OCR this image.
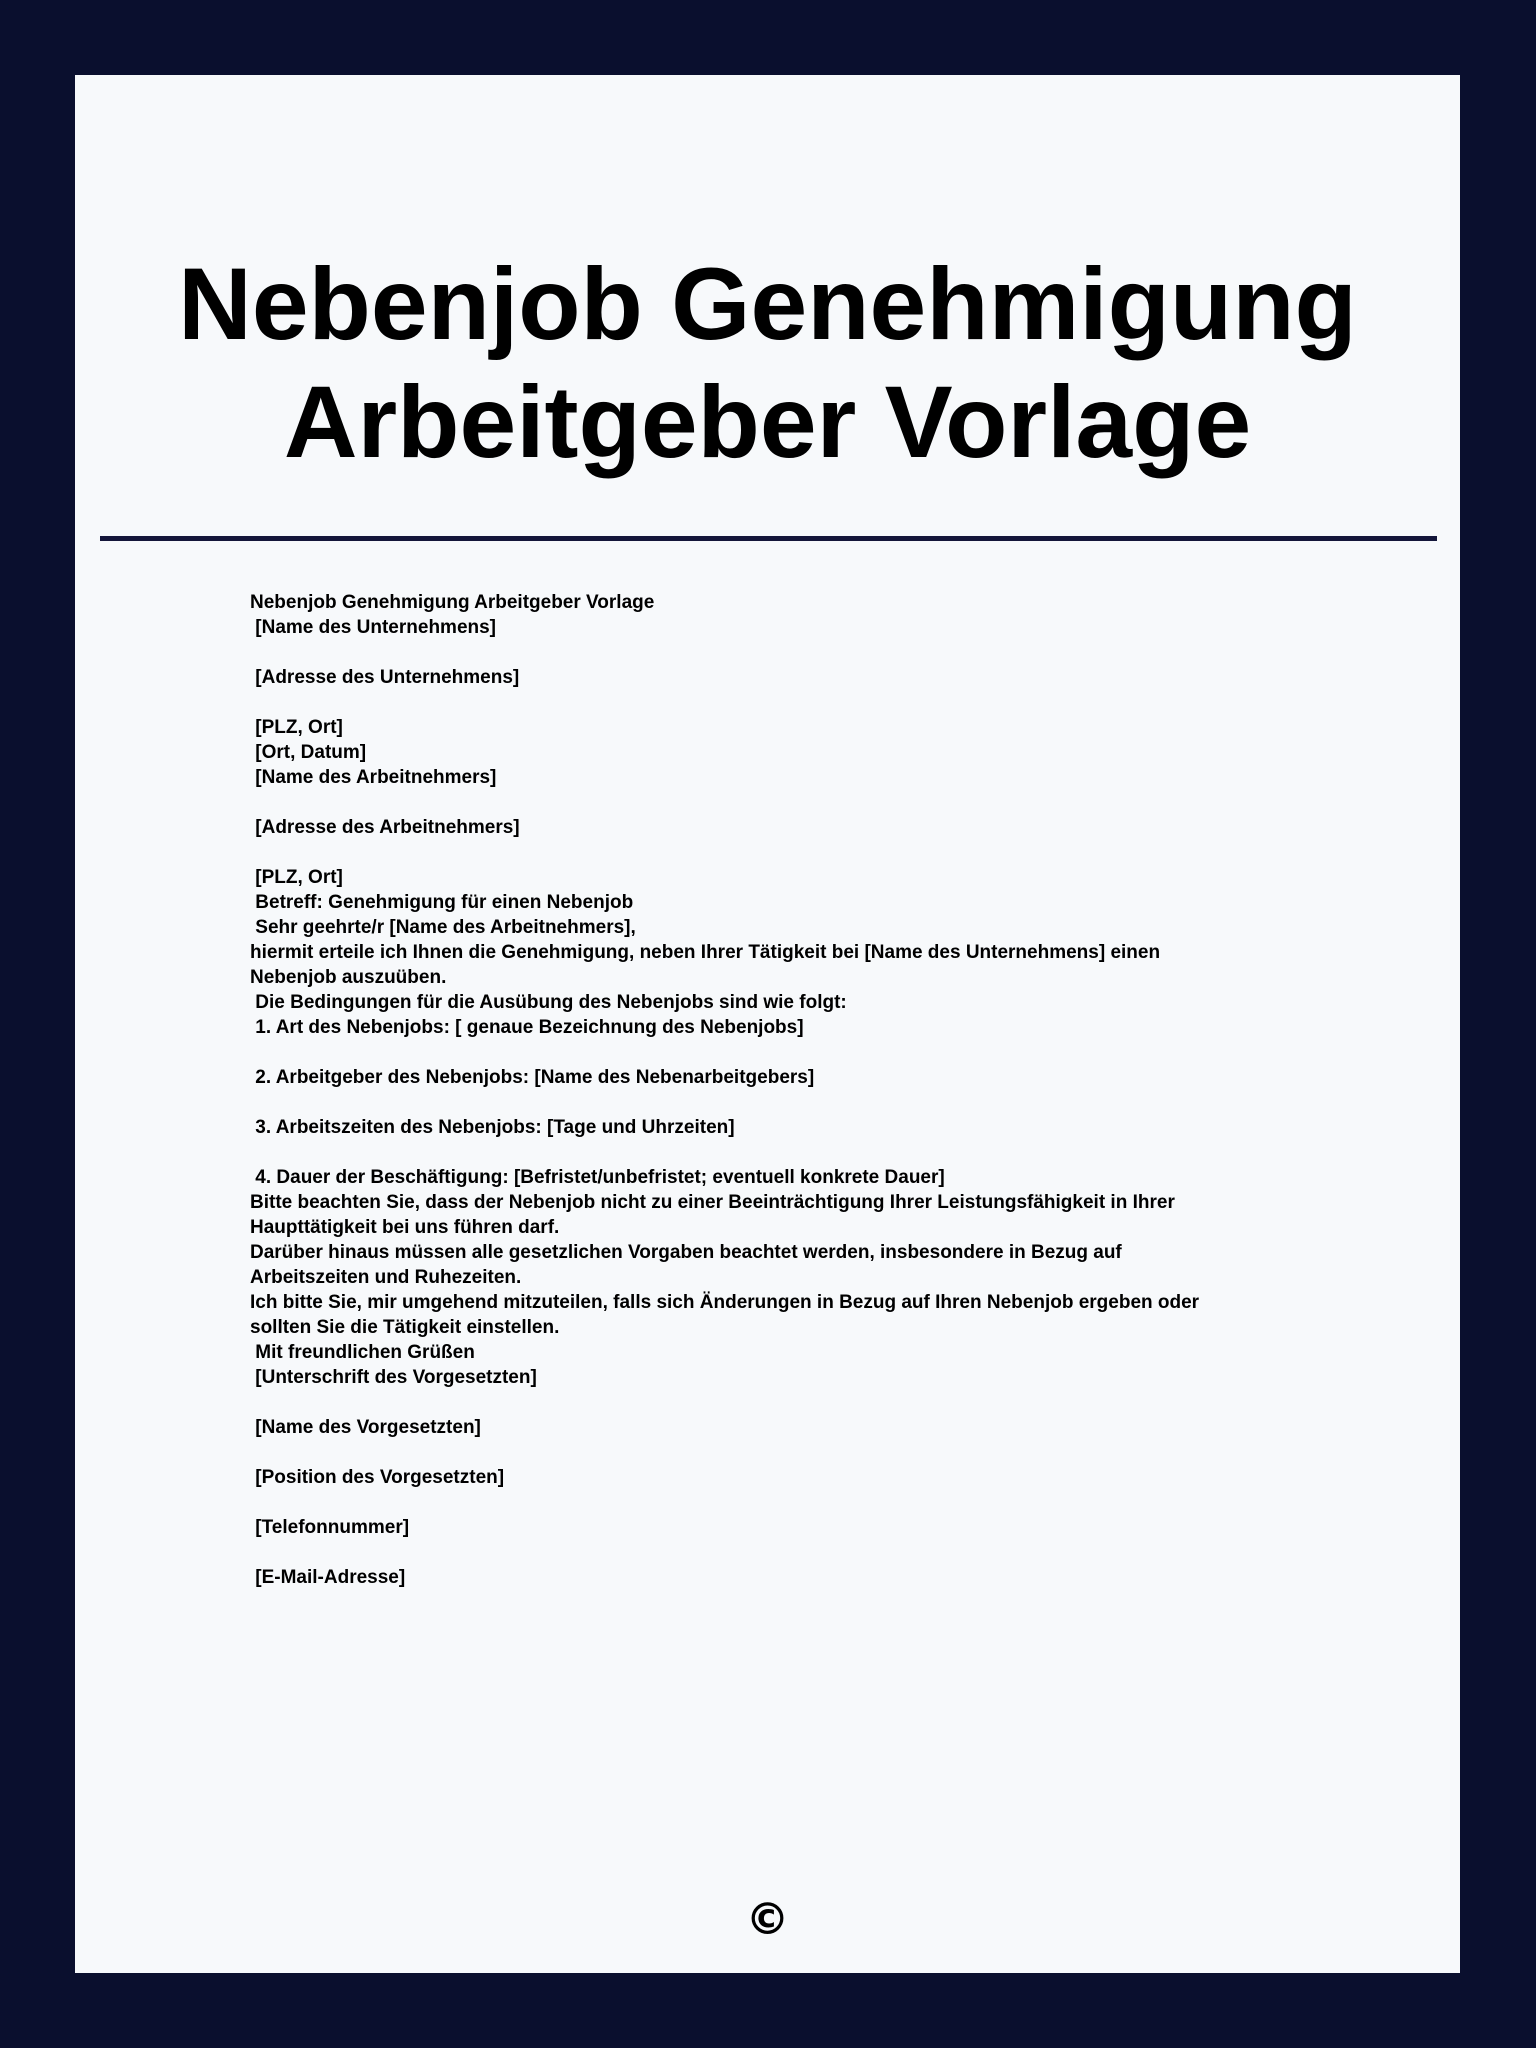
Nebenjob Genehmigung
Arbeitgeber Vorlage
Nebenjob Genehmigung Arbeitgeber Vorlage
[Name des Unternehmens]

[Adresse des Unternehmens]

[PLZ, Ort]
[Ort, Datum]
[Name des Arbeitnehmers]

[Adresse des Arbeitnehmers]

[PLZ, Ort]
Betreff: Genehmigung für einen Nebenjob
Sehr geehrte/r [Name des Arbeitnehmers],
hiermit erteile ich Ihnen die Genehmigung, neben Ihrer Tätigkeit bei [Name des Unternehmens] einen
Nebenjob auszuüben.
Die Bedingungen für die Ausübung des Nebenjobs sind wie folgt:
1. Art des Nebenjobs: [ genaue Bezeichnung des Nebenjobs]

2. Arbeitgeber des Nebenjobs: [Name des Nebenarbeitgebers]

3. Arbeitszeiten des Nebenjobs: [Tage und Uhrzeiten]

4. Dauer der Beschäftigung: [Befristet/unbefristet; eventuell konkrete Dauer]
Bitte beachten Sie, dass der Nebenjob nicht zu einer Beeinträchtigung Ihrer Leistungsfähigkeit in Ihrer
Haupttätigkeit bei uns führen darf.
Darüber hinaus müssen alle gesetzlichen Vorgaben beachtet werden, insbesondere in Bezug auf
Arbeitszeiten und Ruhezeiten.
Ich bitte Sie, mir umgehend mitzuteilen, falls sich Änderungen in Bezug auf Ihren Nebenjob ergeben oder
sollten Sie die Tätigkeit einstellen.
Mit freundlichen Grüßen
[Unterschrift des Vorgesetzten]

[Name des Vorgesetzten]

[Position des Vorgesetzten]

[Telefonnummer]

[E-Mail-Adresse]
©
